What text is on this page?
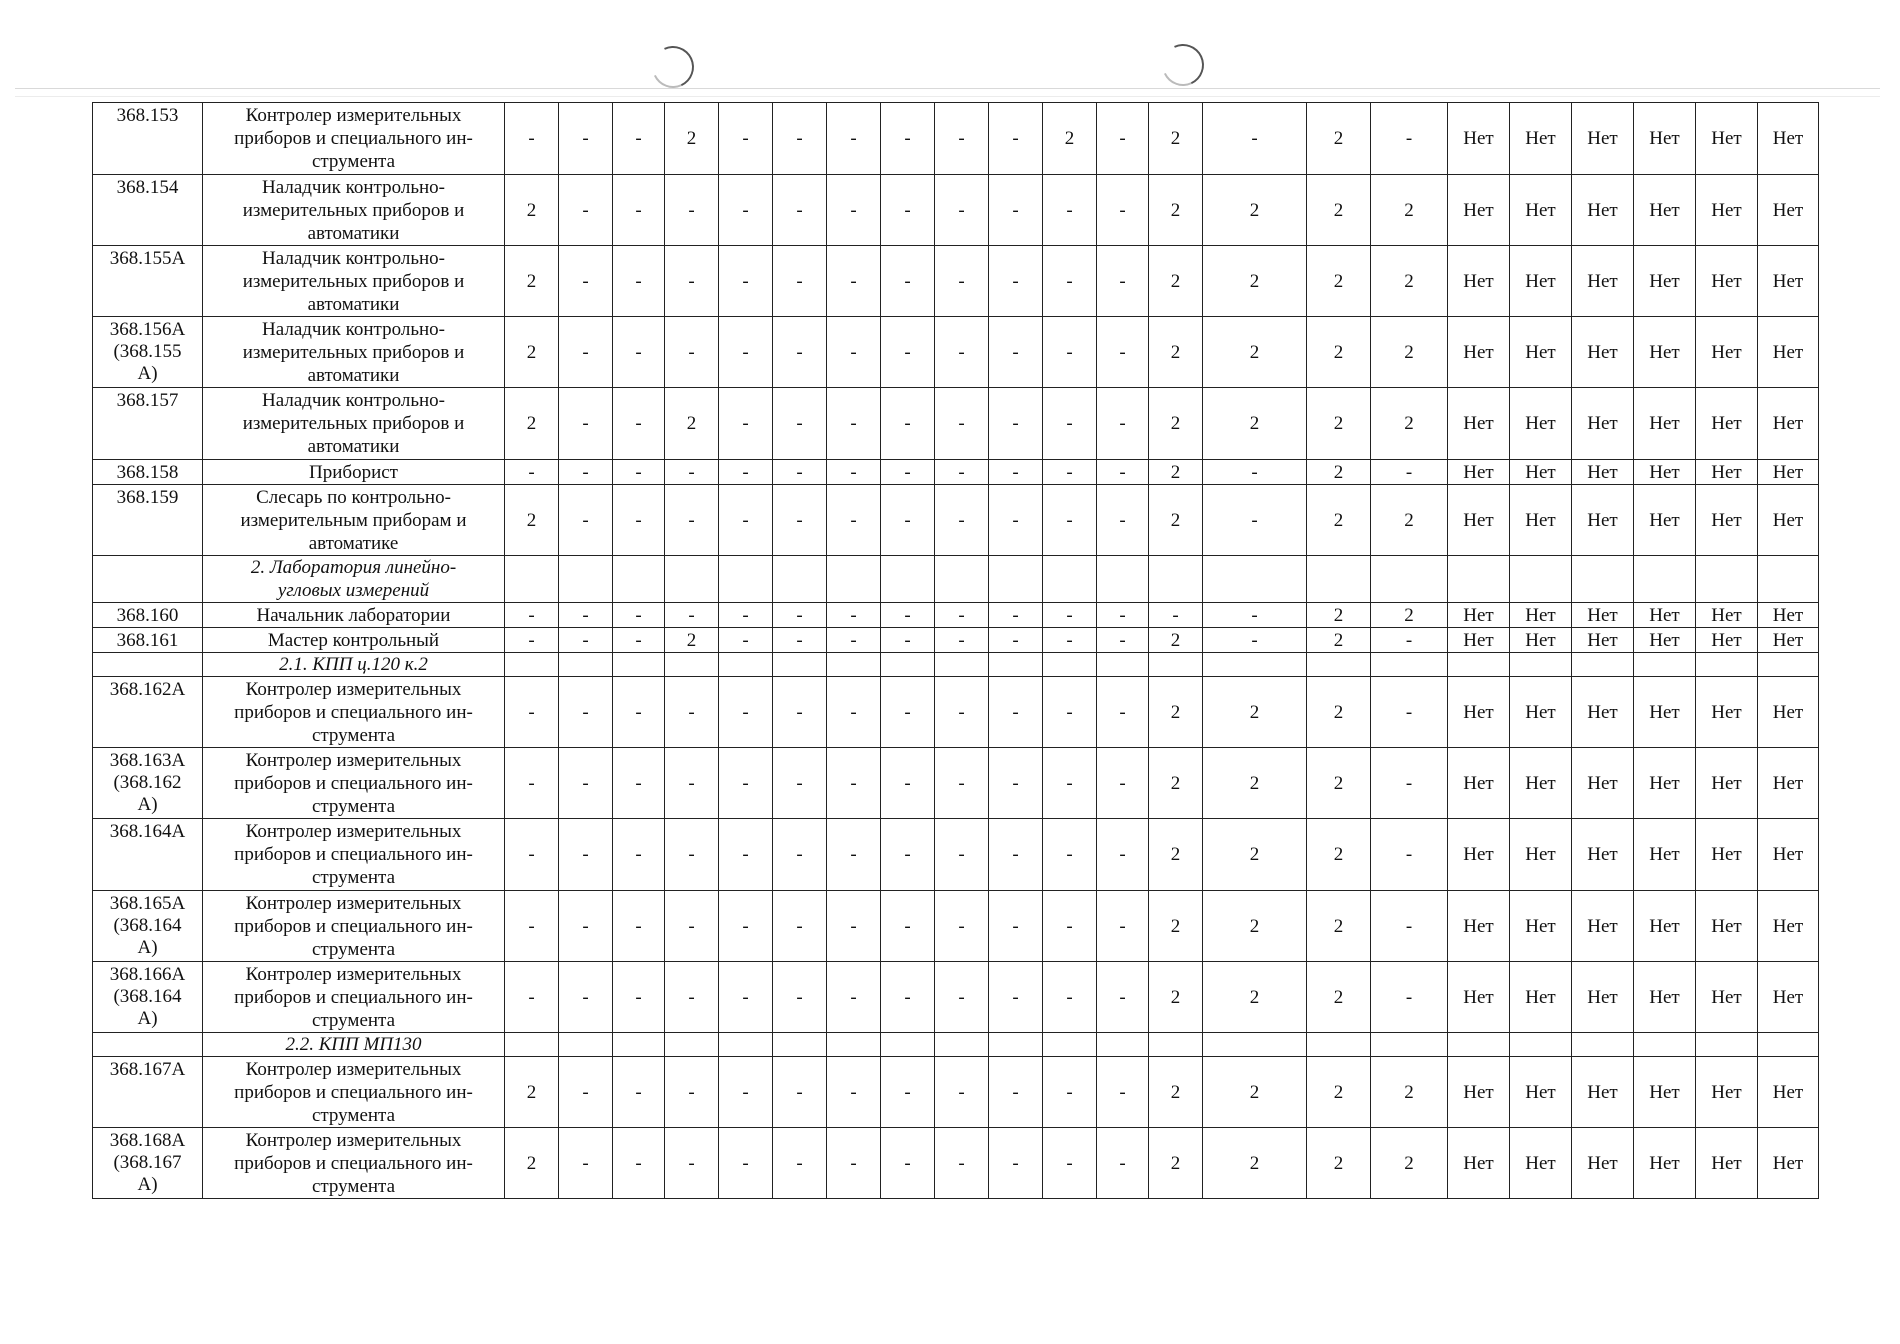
368.153	Контролер измерительных
приборов и специального ин-
струмента	-	-	-	2	-	-	-	-	-	-	2	-	2	-	2	-	Нет	Нет	Нет	Нет	Нет	Нет
368.154	Наладчик контрольно-
измерительных приборов и
автоматики	2	-	-	-	-	-	-	-	-	-	-	-	2	2	2	2	Нет	Нет	Нет	Нет	Нет	Нет
368.155А	Наладчик контрольно-
измерительных приборов и
автоматики	2	-	-	-	-	-	-	-	-	-	-	-	2	2	2	2	Нет	Нет	Нет	Нет	Нет	Нет
368.156А
(368.155
А)	Наладчик контрольно-
измерительных приборов и
автоматики	2	-	-	-	-	-	-	-	-	-	-	-	2	2	2	2	Нет	Нет	Нет	Нет	Нет	Нет
368.157	Наладчик контрольно-
измерительных приборов и
автоматики	2	-	-	2	-	-	-	-	-	-	-	-	2	2	2	2	Нет	Нет	Нет	Нет	Нет	Нет
368.158	Приборист	-	-	-	-	-	-	-	-	-	-	-	-	2	-	2	-	Нет	Нет	Нет	Нет	Нет	Нет
368.159	Слесарь по контрольно-
измерительным приборам и
автоматике	2	-	-	-	-	-	-	-	-	-	-	-	2	-	2	2	Нет	Нет	Нет	Нет	Нет	Нет
	2. Лаборатория линейно-
угловых измерений																						
368.160	Начальник лаборатории	-	-	-	-	-	-	-	-	-	-	-	-	-	-	2	2	Нет	Нет	Нет	Нет	Нет	Нет
368.161	Мастер контрольный	-	-	-	2	-	-	-	-	-	-	-	-	2	-	2	-	Нет	Нет	Нет	Нет	Нет	Нет
	2.1. КПП ц.120 к.2																						
368.162А	Контролер измерительных
приборов и специального ин-
струмента	-	-	-	-	-	-	-	-	-	-	-	-	2	2	2	-	Нет	Нет	Нет	Нет	Нет	Нет
368.163А
(368.162
А)	Контролер измерительных
приборов и специального ин-
струмента	-	-	-	-	-	-	-	-	-	-	-	-	2	2	2	-	Нет	Нет	Нет	Нет	Нет	Нет
368.164А	Контролер измерительных
приборов и специального ин-
струмента	-	-	-	-	-	-	-	-	-	-	-	-	2	2	2	-	Нет	Нет	Нет	Нет	Нет	Нет
368.165А
(368.164
А)	Контролер измерительных
приборов и специального ин-
струмента	-	-	-	-	-	-	-	-	-	-	-	-	2	2	2	-	Нет	Нет	Нет	Нет	Нет	Нет
368.166А
(368.164
А)	Контролер измерительных
приборов и специального ин-
струмента	-	-	-	-	-	-	-	-	-	-	-	-	2	2	2	-	Нет	Нет	Нет	Нет	Нет	Нет
	2.2. КПП МП130																						
368.167А	Контролер измерительных
приборов и специального ин-
струмента	2	-	-	-	-	-	-	-	-	-	-	-	2	2	2	2	Нет	Нет	Нет	Нет	Нет	Нет
368.168А
(368.167
А)	Контролер измерительных
приборов и специального ин-
струмента	2	-	-	-	-	-	-	-	-	-	-	-	2	2	2	2	Нет	Нет	Нет	Нет	Нет	Нет
